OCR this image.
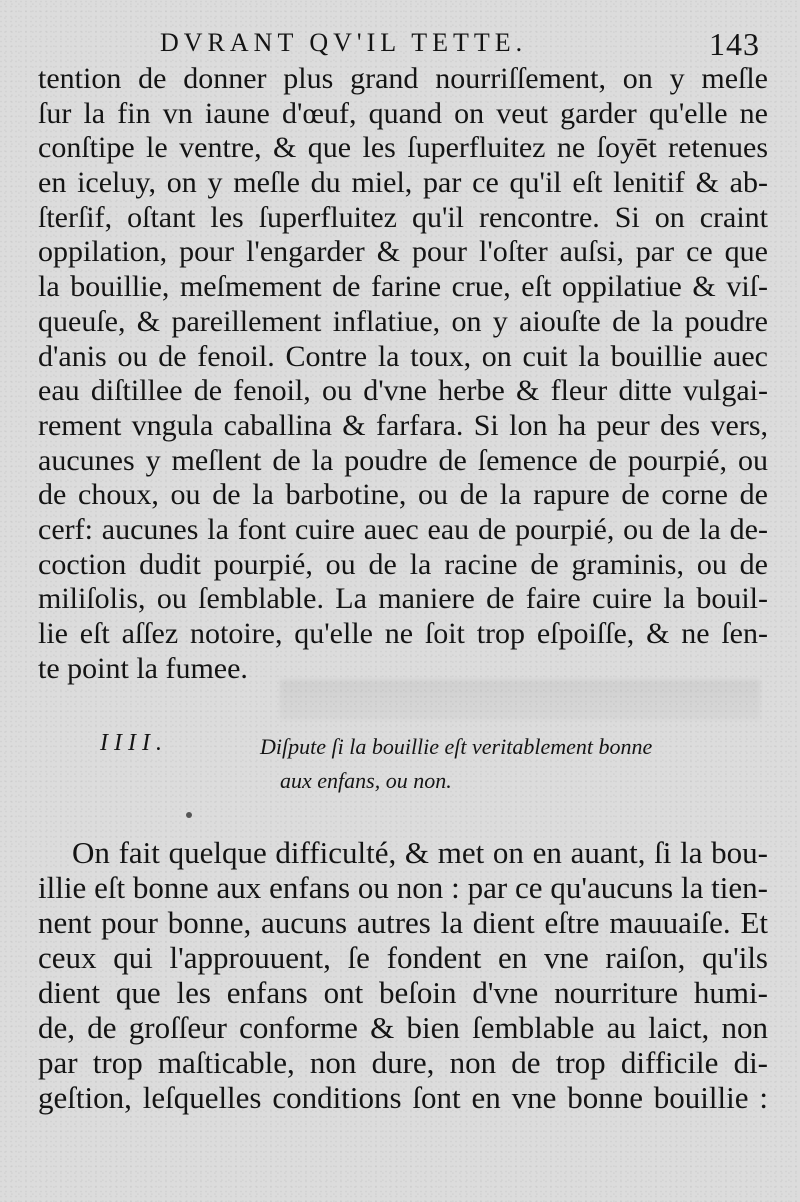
DVRANT QV'IL TETTE.	143
tention de donner plus grand nourriſſement, on y meſle
ſur la fin vn iaune d'œuf, quand on veut garder qu'elle ne
conſtipe le ventre, & que les ſuperfluitez ne ſoyēt retenues
en iceluy, on y meſle du miel, par ce qu'il eſt lenitif & ab-
ſterſif, oſtant les ſuperfluitez qu'il rencontre. Si on craint
oppilation, pour l'engarder & pour l'oſter auſsi, par ce que
la bouillie, meſmement de farine crue, eſt oppilatiue & viſ-
queuſe, & pareillement inflatiue, on y aiouſte de la poudre
d'anis ou de fenoil. Contre la toux, on cuit la bouillie auec
eau diſtillee de fenoil, ou d'vne herbe & fleur ditte vulgai-
rement vngula caballina & farfara. Si lon ha peur des vers,
aucunes y meſlent de la poudre de ſemence de pourpié, ou
de choux, ou de la barbotine, ou de la rapure de corne de
cerf: aucunes la font cuire auec eau de pourpié, ou de la de-
coction dudit pourpié, ou de la racine de graminis, ou de
miliſolis, ou ſemblable. La maniere de faire cuire la bouil-
lie eſt aſſez notoire, qu'elle ne ſoit trop eſpoiſſe, & ne ſen-
te point la fumee.
IIII.	Diſpute ſi la bouillie eſt veritablement bonne
aux enfans, ou non.
On fait quelque difficulté, & met on en auant, ſi la bou-
illie eſt bonne aux enfans ou non : par ce qu'aucuns la tien-
nent pour bonne, aucuns autres la dient eſtre mauuaiſe. Et
ceux qui l'approuuent, ſe fondent en vne raiſon, qu'ils
dient que les enfans ont beſoin d'vne nourriture humi-
de, de groſſeur conforme & bien ſemblable au laict, non
par trop maſticable, non dure, non de trop difficile di-
geſtion, leſquelles conditions ſont en vne bonne bouillie :
